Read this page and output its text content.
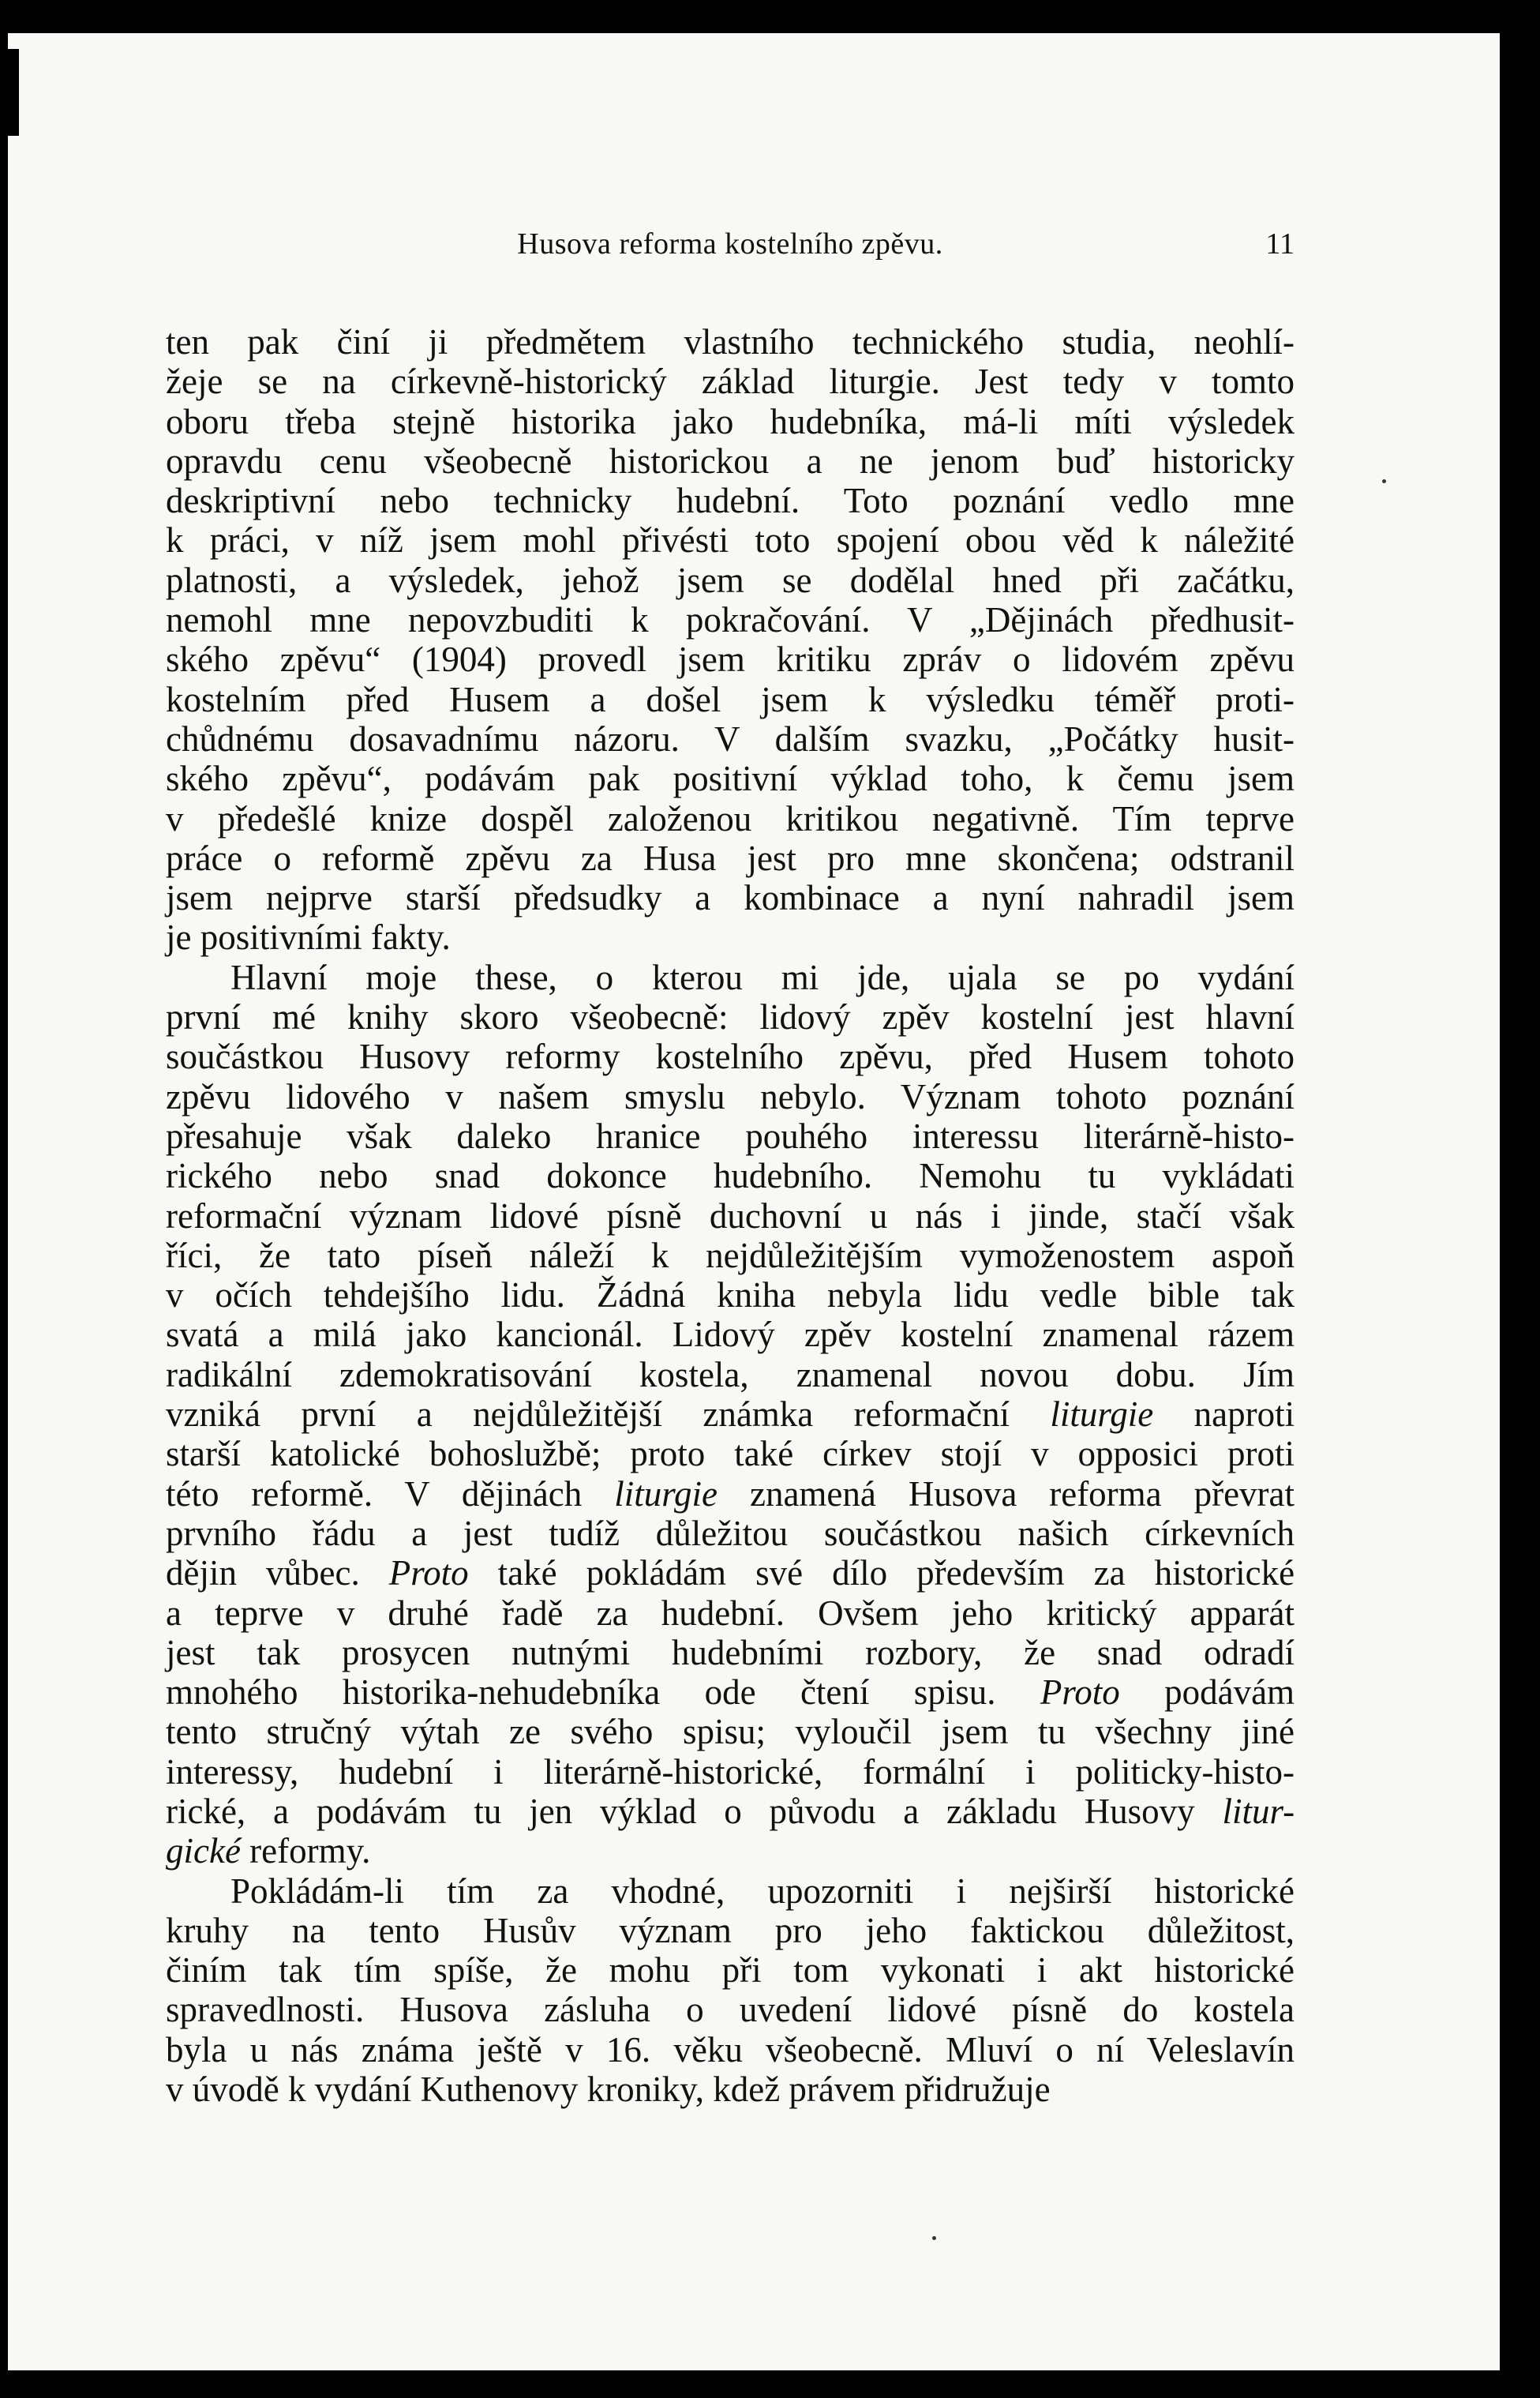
Husova reforma kostelního zpěvu.	11
ten pak činí ji předmětem vlastního technického studia, neohlí-
žeje se na církevně-historický základ liturgie. Jest tedy v tomto
oboru třeba stejně historika jako hudebníka, má-li míti výsledek
opravdu cenu všeobecně historickou a ne jenom buď historicky
deskriptivní nebo technicky hudební. Toto poznání vedlo mne
k práci, v níž jsem mohl přivésti toto spojení obou věd k náležité
platnosti, a výsledek, jehož jsem se dodělal hned při začátku,
nemohl mne nepovzbuditi k pokračování. V „Dějinách předhusit-
ského zpěvu“ (1904) provedl jsem kritiku zpráv o lidovém zpěvu
kostelním před Husem a došel jsem k výsledku téměř proti-
chůdnému dosavadnímu názoru. V dalším svazku, „Počátky husit-
ského zpěvu“, podávám pak positivní výklad toho, k čemu jsem
v předešlé knize dospěl založenou kritikou negativně. Tím teprve
práce o reformě zpěvu za Husa jest pro mne skončena; odstranil
jsem nejprve starší předsudky a kombinace a nyní nahradil jsem
je positivními fakty.
Hlavní moje these, o kterou mi jde, ujala se po vydání
první mé knihy skoro všeobecně: lidový zpěv kostelní jest hlavní
součástkou Husovy reformy kostelního zpěvu, před Husem tohoto
zpěvu lidového v našem smyslu nebylo. Význam tohoto poznání
přesahuje však daleko hranice pouhého interessu literárně-histo-
rického nebo snad dokonce hudebního. Nemohu tu vykládati
reformační význam lidové písně duchovní u nás i jinde, stačí však
říci, že tato píseň náleží k nejdůležitějším vymoženostem aspoň
v očích tehdejšího lidu. Žádná kniha nebyla lidu vedle bible tak
svatá a milá jako kancionál. Lidový zpěv kostelní znamenal rázem
radikální zdemokratisování kostela, znamenal novou dobu. Jím
vzniká první a nejdůležitější známka reformační liturgie naproti
starší katolické bohoslužbě; proto také církev stojí v opposici proti
této reformě. V dějinách liturgie znamená Husova reforma převrat
prvního řádu a jest tudíž důležitou součástkou našich církevních
dějin vůbec. Proto také pokládám své dílo především za historické
a teprve v druhé řadě za hudební. Ovšem jeho kritický apparát
jest tak prosycen nutnými hudebními rozbory, že snad odradí
mnohého historika-nehudebníka ode čtení spisu. Proto podávám
tento stručný výtah ze svého spisu; vyloučil jsem tu všechny jiné
interessy, hudební i literárně-historické, formální i politicky-histo-
rické, a podávám tu jen výklad o původu a základu Husovy litur-
gické reformy.
Pokládám-li tím za vhodné, upozorniti i nejširší historické
kruhy na tento Husův význam pro jeho faktickou důležitost,
činím tak tím spíše, že mohu při tom vykonati i akt historické
spravedlnosti. Husova zásluha o uvedení lidové písně do kostela
byla u nás známa ještě v 16. věku všeobecně. Mluví o ní Veleslavín
v úvodě k vydání Kuthenovy kroniky, kdež právem přidružuje
